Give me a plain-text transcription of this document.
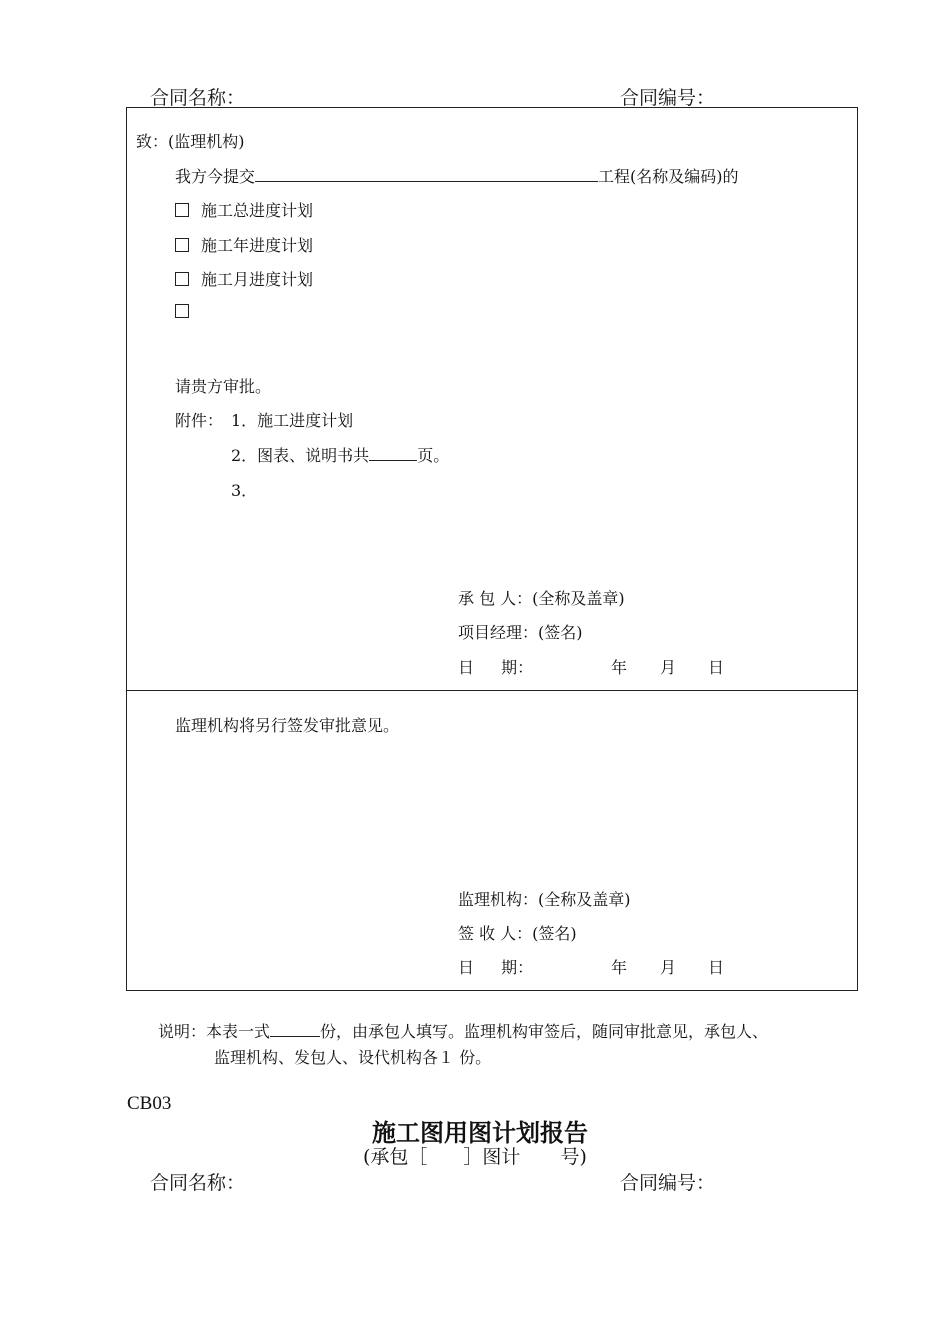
合同名称：	合同编号：
致：(监理机构)
我方今提交	工程(名称及编码)的
施工总进度计划
施工年进度计划
施工月进度计划
请贵方审批。
附件： 1．施工进度计划
2．图表、说明书共	页。
3．
承 包 人：(全称及盖章)
项目经理：(签名)
日 期：	年 月 日
监理机构将另行签发审批意见。
监理机构：(全称及盖章)
签 收 人：(签名)
日 期：	年 月 日
说明：本表一式	份，由承包人填写。监理机构审签后，随同审批意见，承包人、
监理机构、发包人、设代机构各１ 份。
CB03
施工图用图计划报告
(承包［ ］图计 号)
合同名称：	合同编号：
